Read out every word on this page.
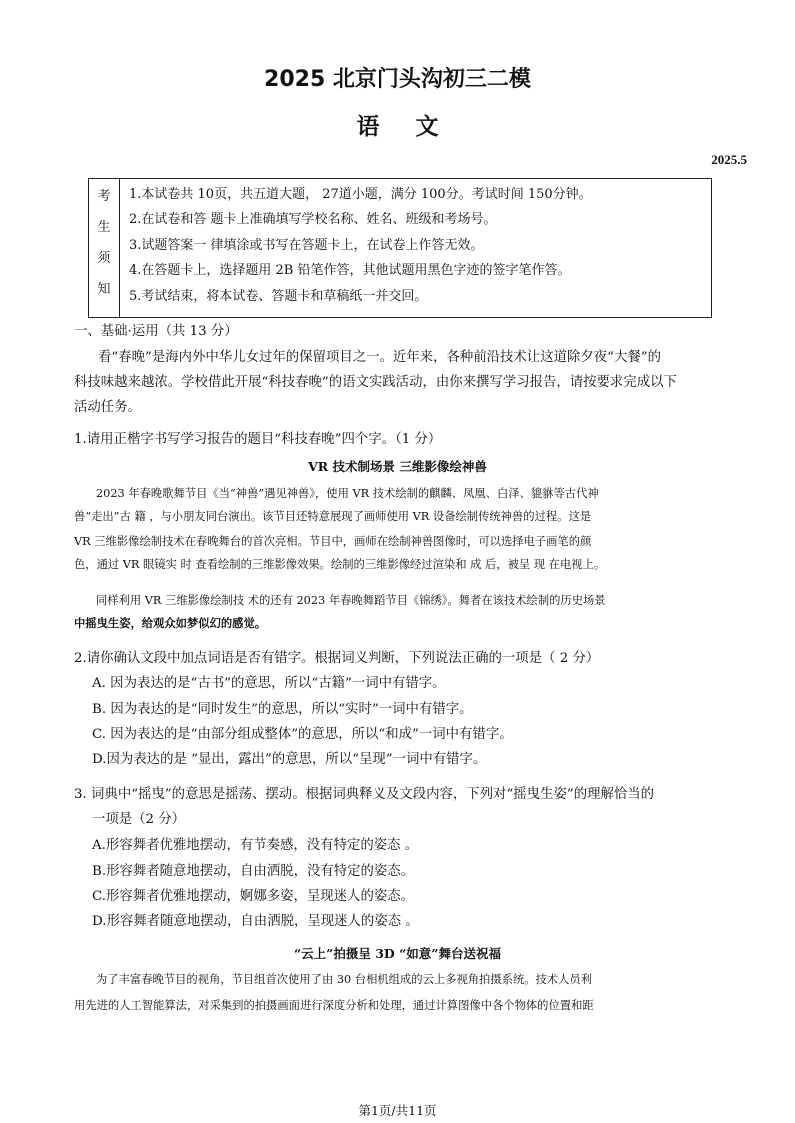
2025 北京门头沟初三二模
语文
2025.5
考
生
须
知
1.本试卷共 10页，共五道大题， 27道小题，满分 100分。考试时间 150分钟。
2.在试卷和答 题卡上准确填写学校名称、姓名、班级和考场号。
3.试题答案一 律填涂或书写在答题卡上，在试卷上作答无效。
4.在答题卡上，选择题用 2B 铅笔作答，其他试题用黑色字迹的签字笔作答。
5.考试结束，将本试卷、答题卡和草稿纸一并交回。
一、基础·运用（共 13 分）
看“春晚”是海内外中华儿女过年的保留项目之一。近年来，各种前沿技术让这道除夕夜“大餐”的
科技味越来越浓。学校借此开展“科技春晚”的语文实践活动，由你来撰写学习报告，请按要求完成以下
活动任务。
1.请用正楷字书写学习报告的题目“科技春晚”四个字。（1 分）
VR 技术制场景 三维影像绘神兽
2023 年春晚歌舞节目《当“神兽”遇见神兽》，使用 VR 技术绘制的麒麟、凤凰、白泽、貔貅等古代神
兽“走出”古 籍 ，与小朋友同台演出。该节目还特意展现了画师使用 VR 设备绘制传统神兽的过程。这是
VR 三维影像绘制技术在春晚舞台的首次亮相。节目中，画师在绘制神兽图像时，可以选择电子画笔的颜
色，通过 VR 眼镜实 时 查看绘制的三维影像效果。绘制的三维影像经过渲染和 成 后，被呈 现 在电视上。
同样利用 VR 三维影像绘制技 术的还有 2023 年春晚舞蹈节目《锦绣》。舞者在该技术绘制的历史场景
中摇曳生姿，给观众如梦似幻的感觉。
2.请你确认文段中加点词语是否有错字。根据词义判断，下列说法正确的一项是（ 2 分）
A. 因为表达的是“古书”的意思，所以“古籍”一词中有错字。
B. 因为表达的是“同时发生”的意思，所以“实时”一词中有错字。
C. 因为表达的是“由部分组成整体”的意思，所以“和成”一词中有错字。
D.因为表达的是 “显出，露出”的意思，所以“呈现”一词中有错字。
3. 词典中“摇曳”的意思是摇荡、摆动。根据词典释义及文段内容，下列对“摇曳生姿”的理解恰当的
一项是（2 分）
A.形容舞者优雅地摆动，有节奏感，没有特定的姿态 。
B.形容舞者随意地摆动，自由洒脱，没有特定的姿态。
C.形容舞者优雅地摆动，婀娜多姿，呈现迷人的姿态。
D.形容舞者随意地摆动，自由洒脱，呈现迷人的姿态 。
“云上”拍摄呈 3D “如意”舞台送祝福
为了丰富春晚节目的视角，节目组首次使用了由 30 台相机组成的云上多视角拍摄系统。技术人员利
用先进的人工智能算法，对采集到的拍摄画面进行深度分析和处理，通过计算图像中各个物体的位置和距
第1页/共11页
